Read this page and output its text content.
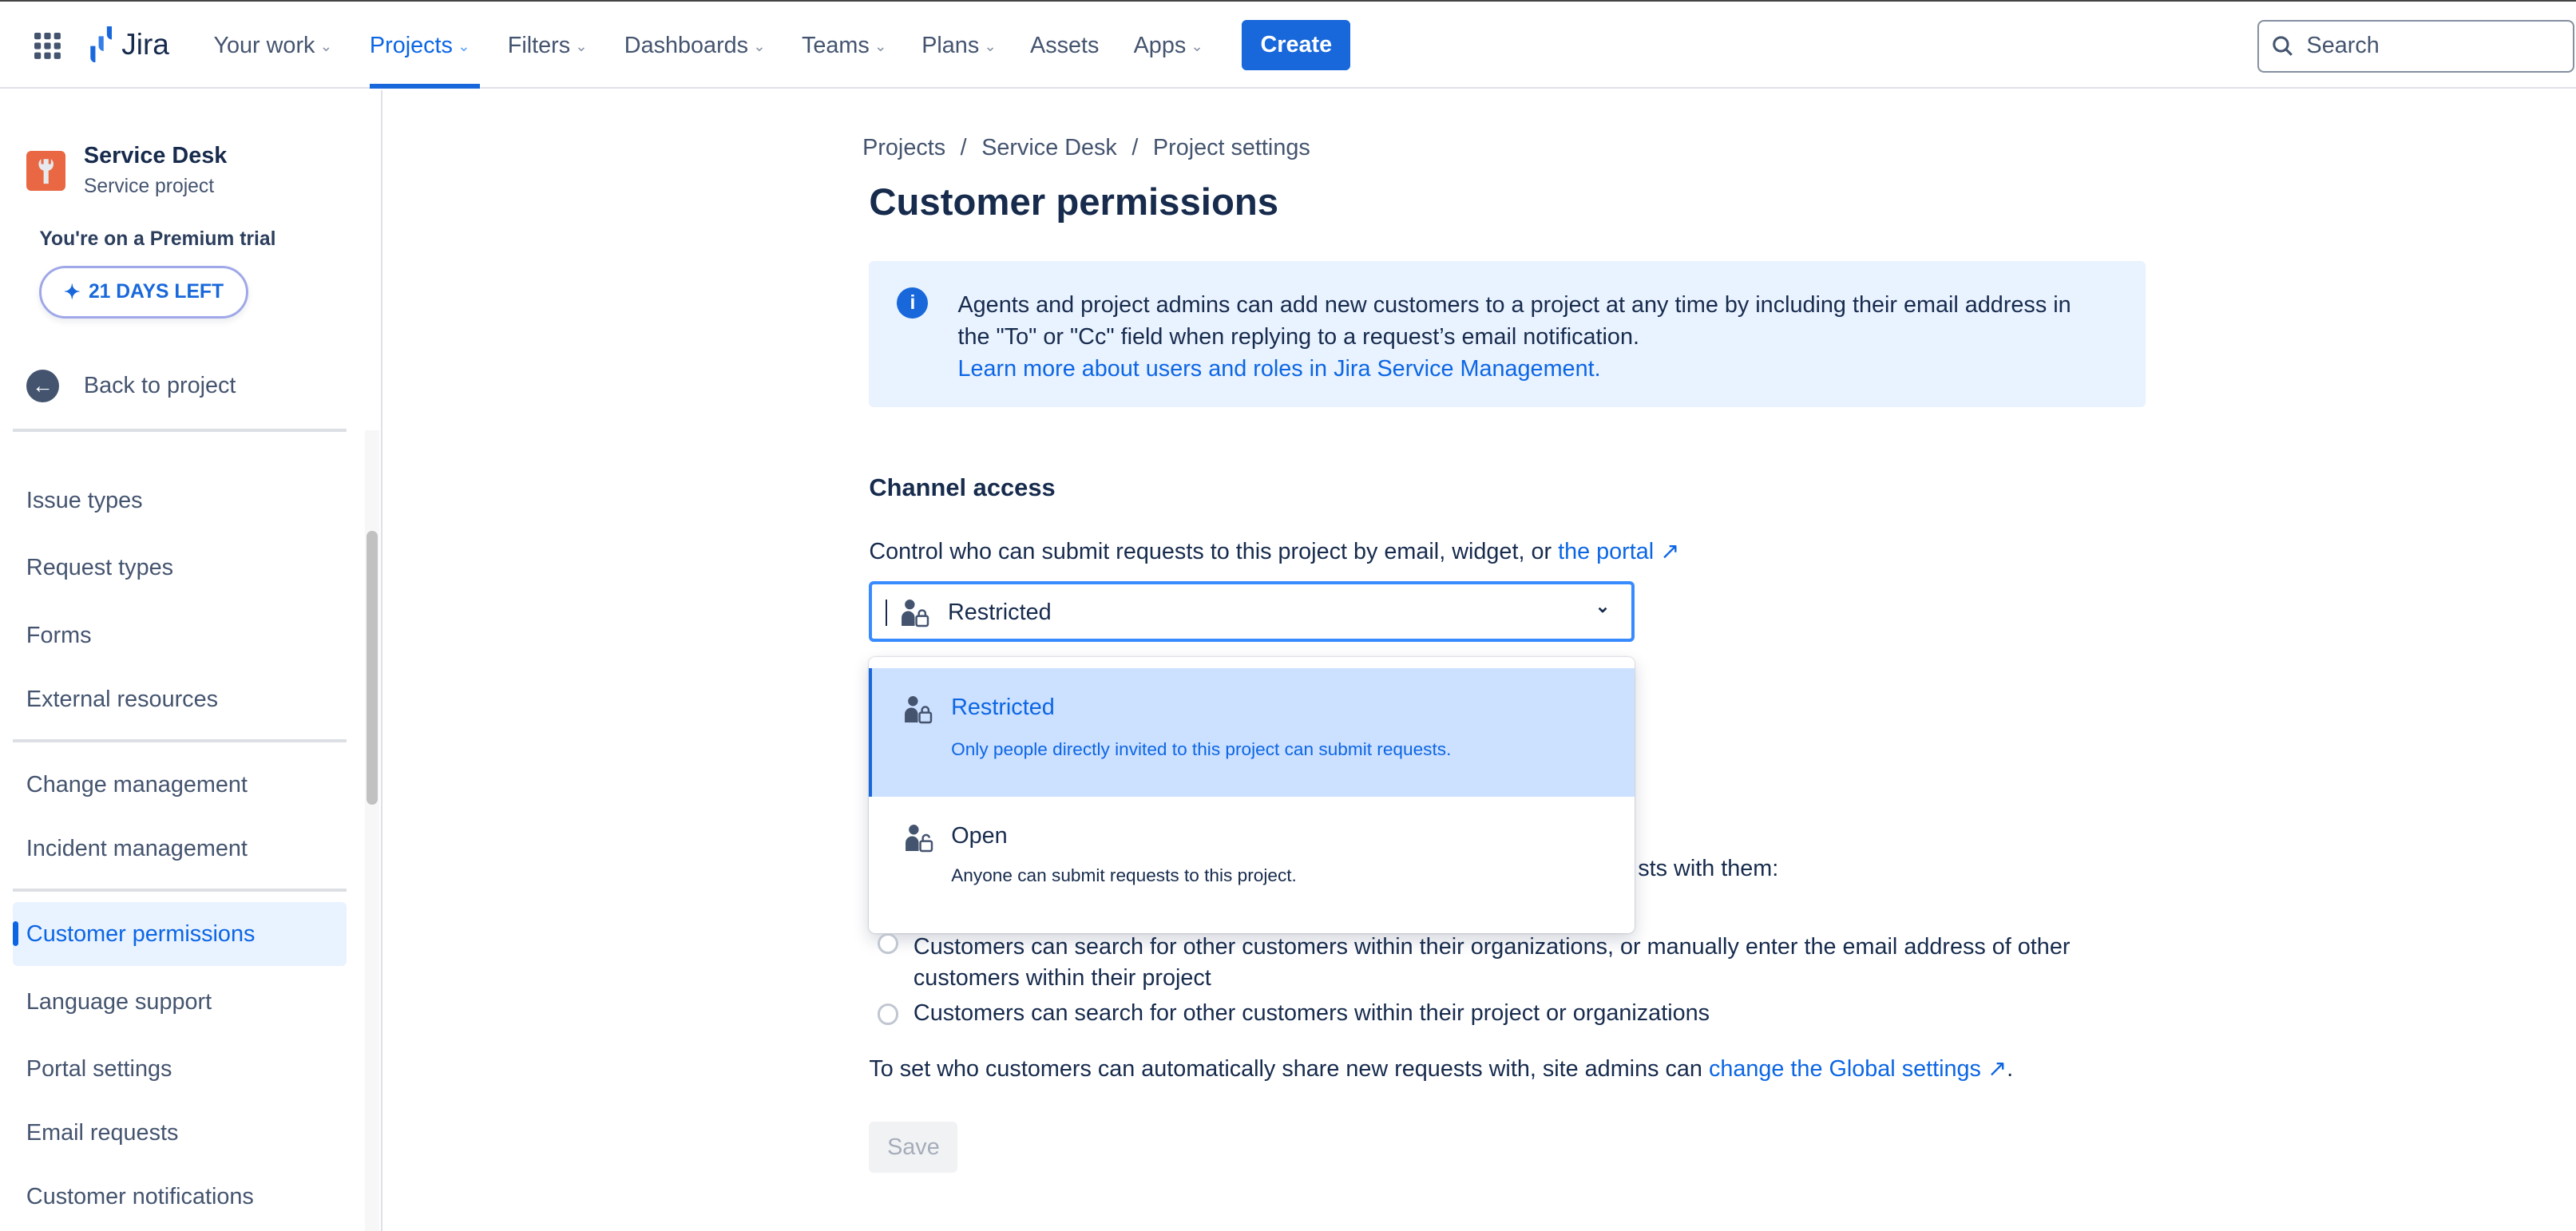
Jira	Your work ⌄	Projects ⌄	Filters ⌄	Dashboards ⌄	Teams ⌄	Plans ⌄	Assets	Apps ⌄	Create	Search
Service Desk
Service project
You're on a Premium trial
✦ 21 DAYS LEFT
←	Back to project
Issue types
Request types
Forms
External resources
Change management
Incident management
Customer permissions
Language support
Portal settings
Email requests
Customer notifications
Projects / Service Desk / Project settings
Customer permissions
i	Agents and project admins can add new customers to a project at any time by including their email address in
the "To" or "Cc" field when replying to a request’s email notification.
Learn more about users and roles in Jira Service Management.
Channel access
Control who can submit requests to this project by email, widget, or the portal ↗︎
Restricted	⌄
sts with them:
Restricted
Only people directly invited to this project can submit requests.
Open
Anyone can submit requests to this project.
Customers can search for other customers within their organizations, or manually enter the email address of other
customers within their project
Customers can search for other customers within their project or organizations
To set who customers can automatically share new requests with, site admins can change the Global settings ↗︎.
Save
